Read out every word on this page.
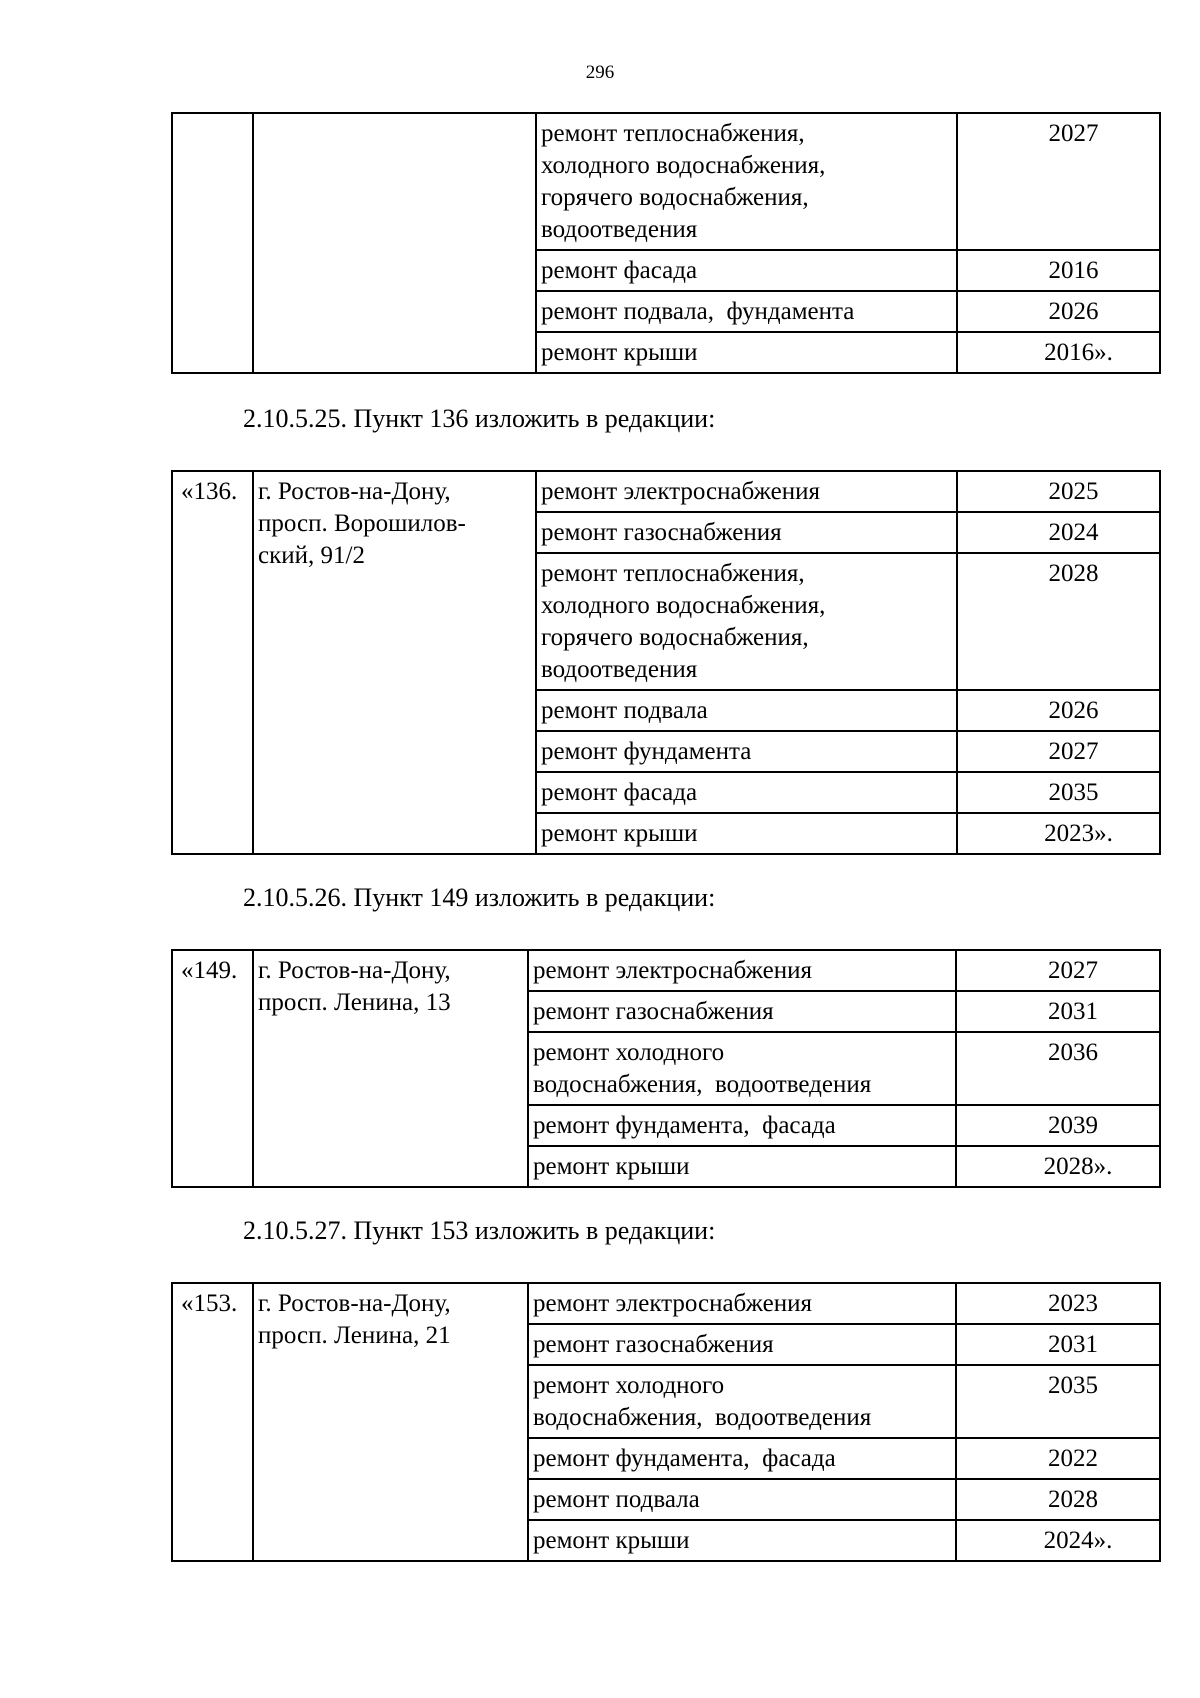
296
		ремонт теплоснабжения,
холодного водоснабжения,
горячего водоснабжения,
водоотведения	2027
		ремонт фасада	2016
		ремонт подвала,  фундамента	2026
		ремонт крыши	2016».
2.10.5.25. Пункт 136 изложить в редакции:
«136.	г. Ростов-на-Дону,
просп. Ворошилов-
ский, 91/2	ремонт электроснабжения	2025
		ремонт газоснабжения	2024
		ремонт теплоснабжения,
холодного водоснабжения,
горячего водоснабжения,
водоотведения	2028
		ремонт подвала	2026
		ремонт фундамента	2027
		ремонт фасада	2035
		ремонт крыши	2023».
2.10.5.26. Пункт 149 изложить в редакции:
«149.	г. Ростов-на-Дону,
просп. Ленина, 13	ремонт электроснабжения	2027
		ремонт газоснабжения	2031
		ремонт холодного
водоснабжения,  водоотведения	2036
		ремонт фундамента,  фасада	2039
		ремонт крыши	2028».
2.10.5.27. Пункт 153 изложить в редакции:
«153.	г. Ростов-на-Дону,
просп. Ленина, 21	ремонт электроснабжения	2023
		ремонт газоснабжения	2031
		ремонт холодного
водоснабжения,  водоотведения	2035
		ремонт фундамента,  фасада	2022
		ремонт подвала	2028
		ремонт крыши	2024».
